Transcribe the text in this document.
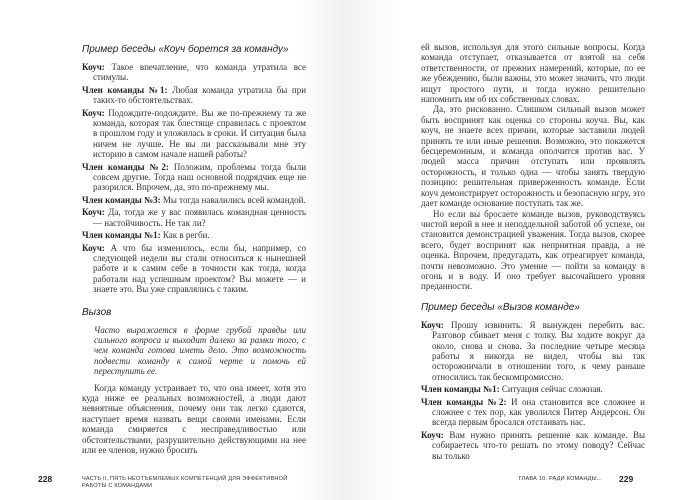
Пример беседы «Коуч борется за команду»
Коуч: Такое впечатление, что команда утратила все стимулы.
Член команды №1: Любая команда утратила бы при таких-то обстоятельствах.
Коуч: Подождите-подождите. Вы же по-прежнему та же команда, которая так блестяще справилась с проектом в прошлом году и уложилась в сроки. И ситуация была ничем не лучше. Не вы ли рассказывали мне эту историю в самом начале нашей работы?
Член команды №2: Положим, проблемы тогда были совсем другие. Тогда наш основной подрядчик еще не разорился. Впрочем, да, это по-прежнему мы.
Член команды №3: Мы тогда навалились всей командой.
Коуч: Да, тогда же у вас появилась командная ценность — настойчивость. Не так ли?
Член команды №1: Как в регби.
Коуч: А что бы изменилось, если бы, например, со следующей недели вы стали относиться к нынешней работе и к самим себе в точности как тогда, когда работали над успешным проектом? Вы можете — и знаете это. Вы уже справлялись с таким.
Вызов
Часто выражается в форме грубой правды или сильного вопроса и выходит далеко за рамки того, с чем команда готова иметь дело. Это возможность подвести команду к самой черте и помочь ей переступить ее.

Когда команду устраивает то, что она имеет, хотя это куда ниже ее реальных возможностей, а люди дают невнятные объяснения, почему они так легко сдаются, наступает время назвать вещи своими именами. Если команда смиряется с несправедливостью или обстоятельствами, разрушительно действующими на нее или ее членов, нужно бросить

228	ЧАСТЬ II. ПЯТЬ НЕОТЪЕМЛЕМЫХ КОМПЕТЕНЦИЙ ДЛЯ ЭФФЕКТИВНОЙ РАБОТЫ С КОМАНДАМИ

ей вызов, используя для этого сильные вопросы. Когда команда отступает, отказывается от взятой на себя ответственности, от прежних намерений, которые, по ее же убеждению, были важны, это может значить, что люди ищут простого пути, и тогда нужно решительно напомнить им об их собственных словах.

Да, это рискованно. Слишком сильный вызов может быть воспринят как оценка со стороны коуча. Вы, как коуч, не знаете всех причин, которые заставили людей принять те или иные решения. Возможно, это покажется бесцеремонным, и команда ополчится против вас. У людей масса причин отступать или проявлять осторожность, и только одна — чтобы занять твердую позицию: решительная приверженность команде. Если коуч демонстрирует осторожность и безопасную игру, это дает команде основание поступать так же.

Но если вы бросаете команде вызов, руководствуясь чистой верой в нее и неподдельной заботой об успехе, он становится демонстрацией уважения. Тогда вызов, скорее всего, будет воспринят как неприятная правда, а не оценка. Впрочем, предугадать, как отреагирует команда, почти невозможно. Это умение — пойти за команду в огонь и в воду. И оно требует высочайшего уровня преданности.

Пример беседы «Вызов команде»
Коуч: Прошу извинить. Я вынужден перебить вас. Разговор сбивает меня с толку. Вы ходите вокруг да около, снова и снова. За последние четыре месяца работы я никогда не видел, чтобы вы так осторожничали в отношении того, к чему раньше относились так бескомпромиссно.
Член команды №1: Ситуация сейчас сложная.
Член команды №2: И она становится все сложнее и сложнее с тех пор, как уволился Питер Андерсон. Он всегда первым бросался отстаивать нас.
Коуч: Вам нужно принять решение как команде. Вы собираетесь что-то решать по этому поводу? Сейчас вы только
ГЛАВА 10. РАДИ КОМАНДЫ... 229
